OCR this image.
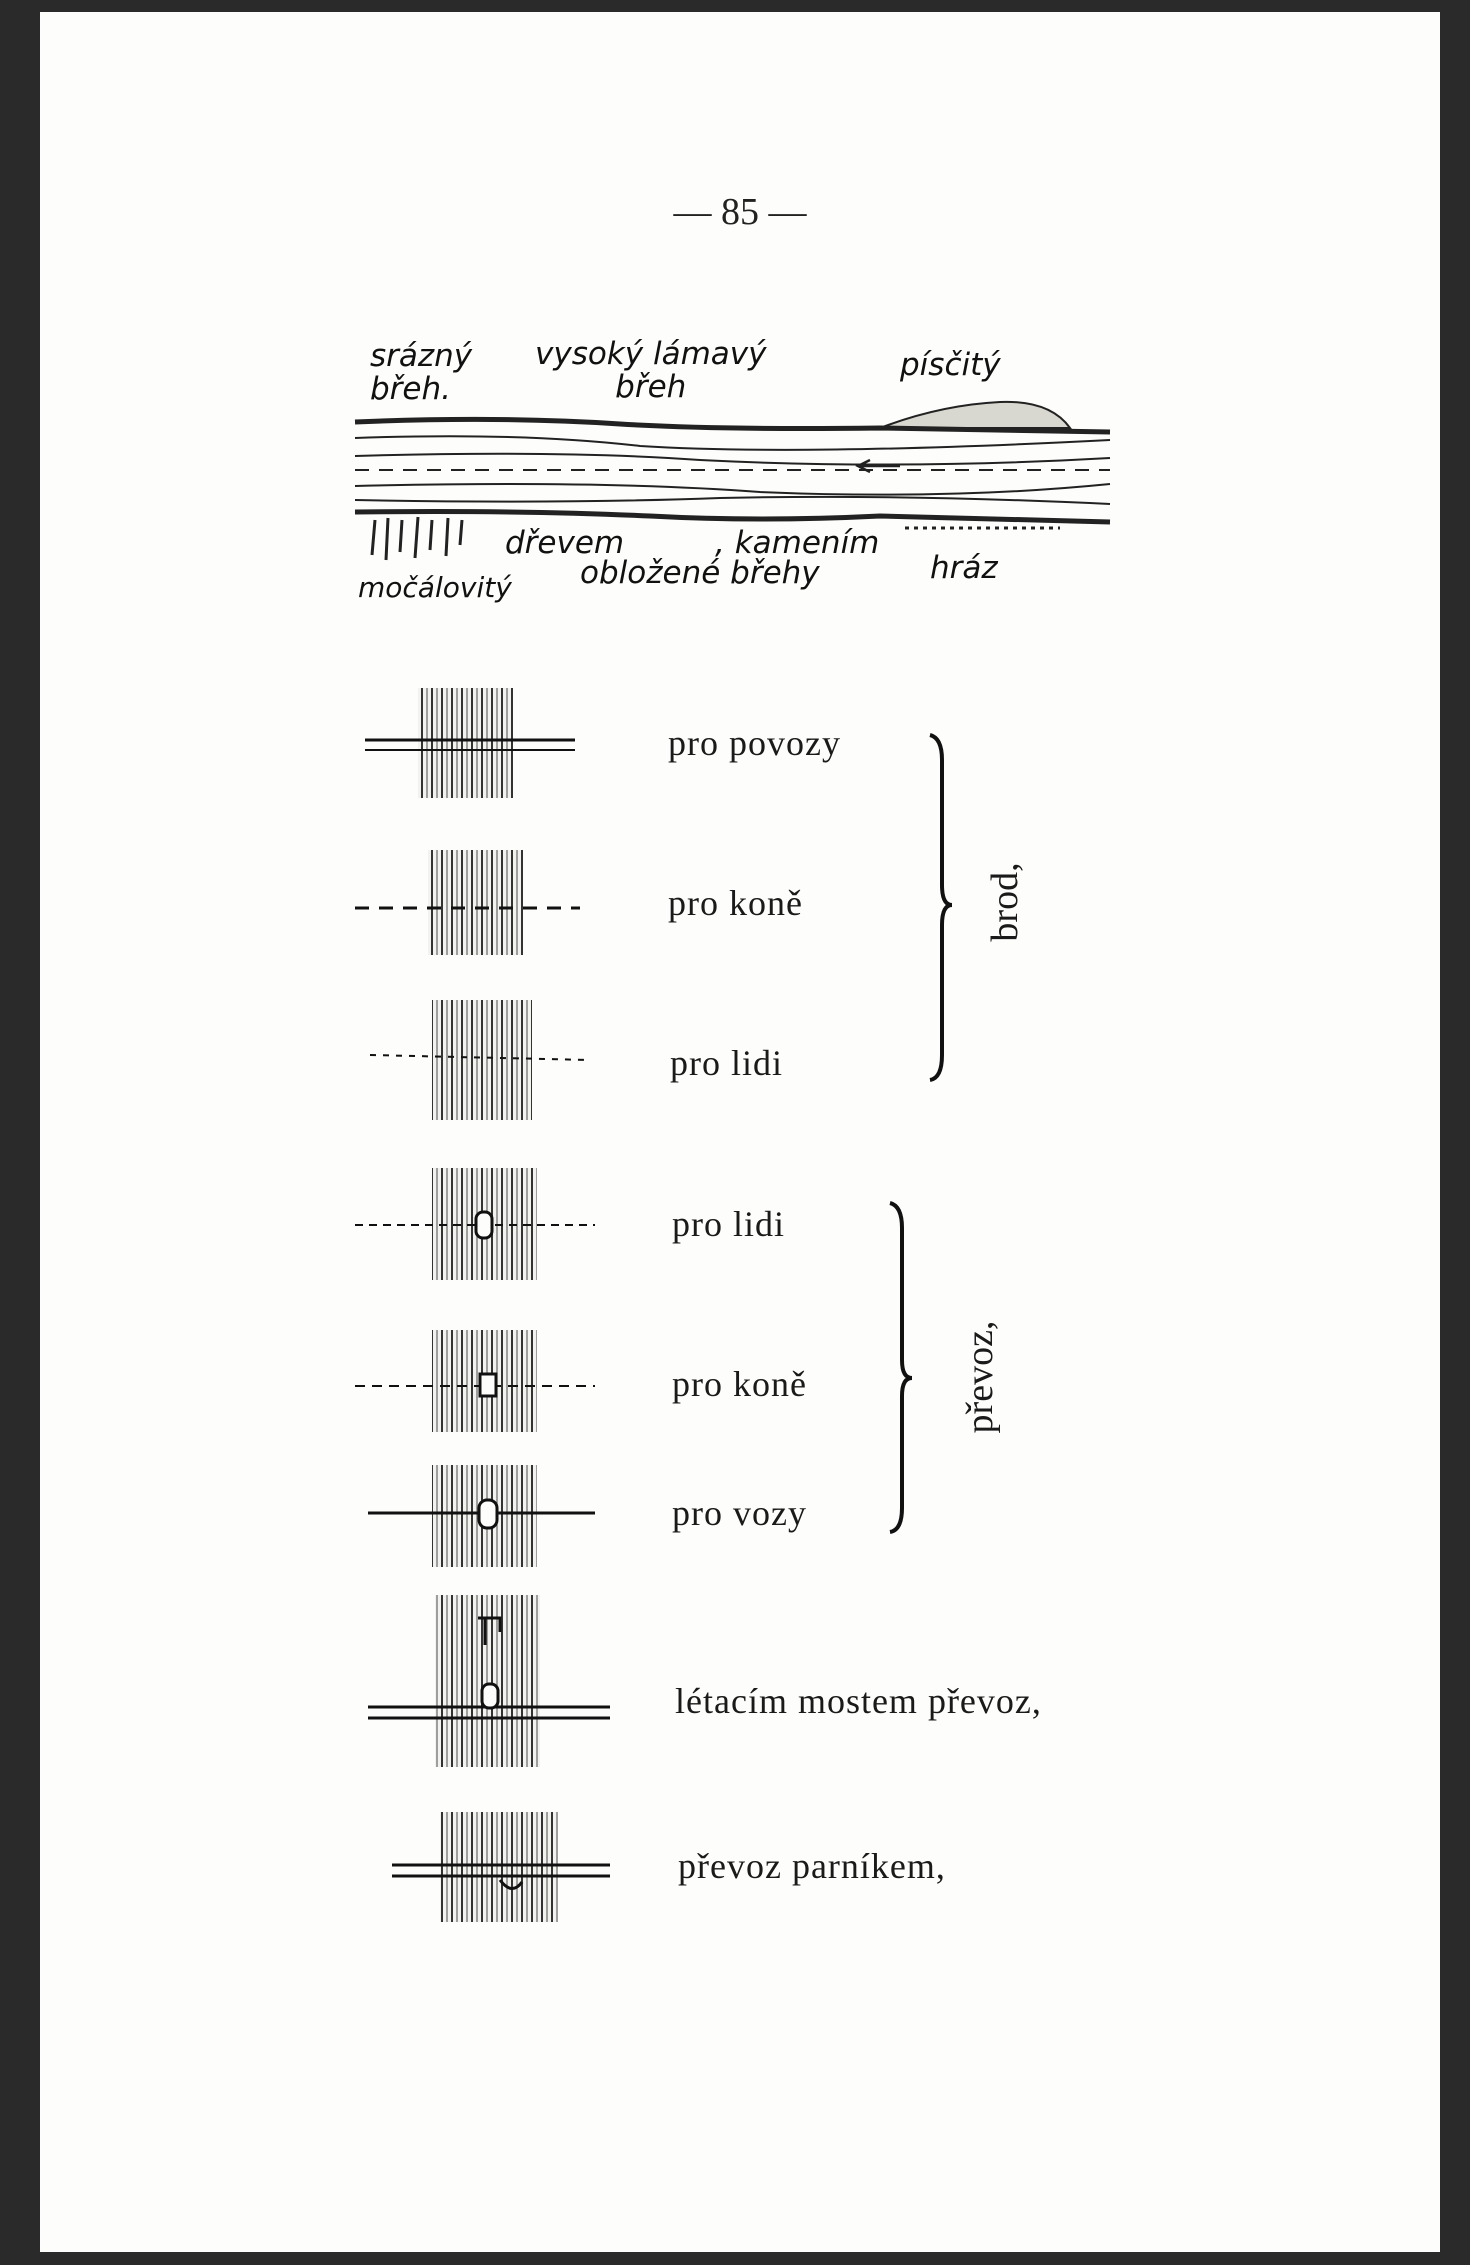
— 85 —
srázný
břeh.
vysoký lámavý
břeh
písčitý
dřevem	, kamením
obložené břehy
močálovitý
hráz
pro povozy
pro koně
pro lidi
pro lidi
pro koně
pro vozy
létacím mostem převoz,
převoz parníkem,
brod,
převoz,
